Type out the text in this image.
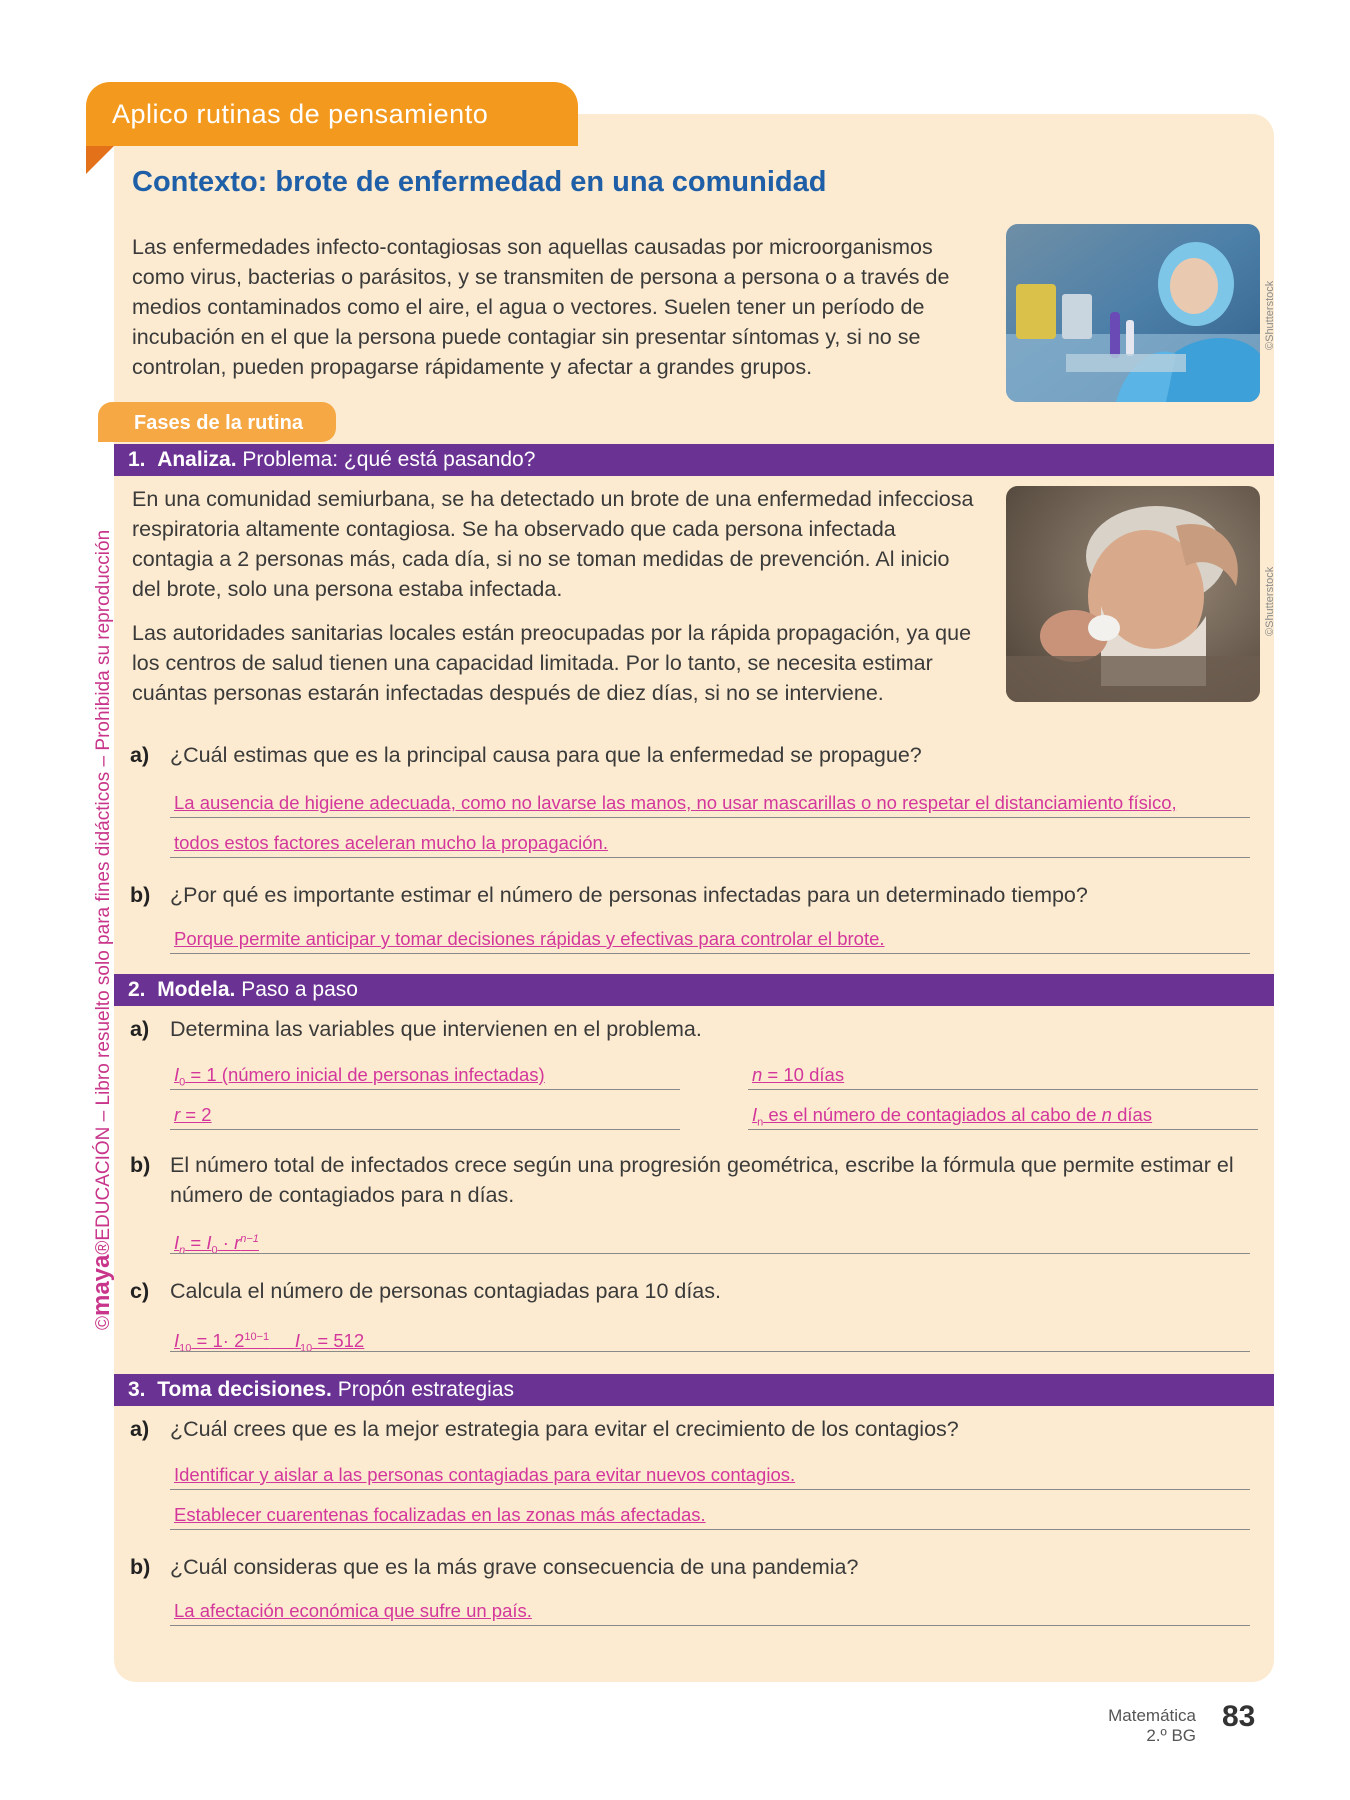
Aplico rutinas de pensamiento
Contexto: brote de enfermedad en una comunidad

Las enfermedades infecto-contagiosas son aquellas causadas por microorganismos como virus, bacterias o parásitos, y se transmiten de persona a persona o a través de medios contaminados como el aire, el agua o vectores. Suelen tener un período de incubación en el que la persona puede contagiar sin presentar síntomas y, si no se controlan, pueden propagarse rápidamente y afectar a grandes grupos.

©Shutterstock
Fases de la rutina
1. Analiza. Problema: ¿qué está pasando?

En una comunidad semiurbana, se ha detectado un brote de una enfermedad infecciosa respiratoria altamente contagiosa. Se ha observado que cada persona infectada contagia a 2 personas más, cada día, si no se toman medidas de prevención. Al inicio del brote, solo una persona estaba infectada.

Las autoridades sanitarias locales están preocupadas por la rápida propagación, ya que los centros de salud tienen una capacidad limitada. Por lo tanto, se necesita estimar cuántas personas estarán infectadas después de diez días, si no se interviene.

©Shutterstock
a) ¿Cuál estimas que es la principal causa para que la enfermedad se propague?
La ausencia de higiene adecuada, como no lavarse las manos, no usar mascarillas o no respetar el distanciamiento físico,
todos estos factores aceleran mucho la propagación.
b) ¿Por qué es importante estimar el número de personas infectadas para un determinado tiempo?
Porque permite anticipar y tomar decisiones rápidas y efectivas para controlar el brote.
2. Modela. Paso a paso
a) Determina las variables que intervienen en el problema.
$I_0 = 1$ (número inicial de personas infectadas)	n = 10 días
r = 2	$I_n$ es el número de contagiados al cabo de n días
b) El número total de infectados crece según una progresión geométrica, escribe la fórmula que permite estimar el número de contagiados para n días.
$I_n = I_0 \cdot r^{n-1}$
c) Calcula el número de personas contagiadas para 10 días.
$I_{10} = 1\cdot 2^{10-1}$ $I_{10} = 512$
3. Toma decisiones. Propón estrategias
a) ¿Cuál crees que es la mejor estrategia para evitar el crecimiento de los contagios?
Identificar y aislar a las personas contagiadas para evitar nuevos contagios.
Establecer cuarentenas focalizadas en las zonas más afectadas.
b) ¿Cuál consideras que es la más grave consecuencia de una pandemia?
La afectación económica que sufre un país.
©maya®EDUCACIÓN – Libro resuelto solo para fines didácticos – Prohibida su reproducción
Matemática
2.º BG
83
